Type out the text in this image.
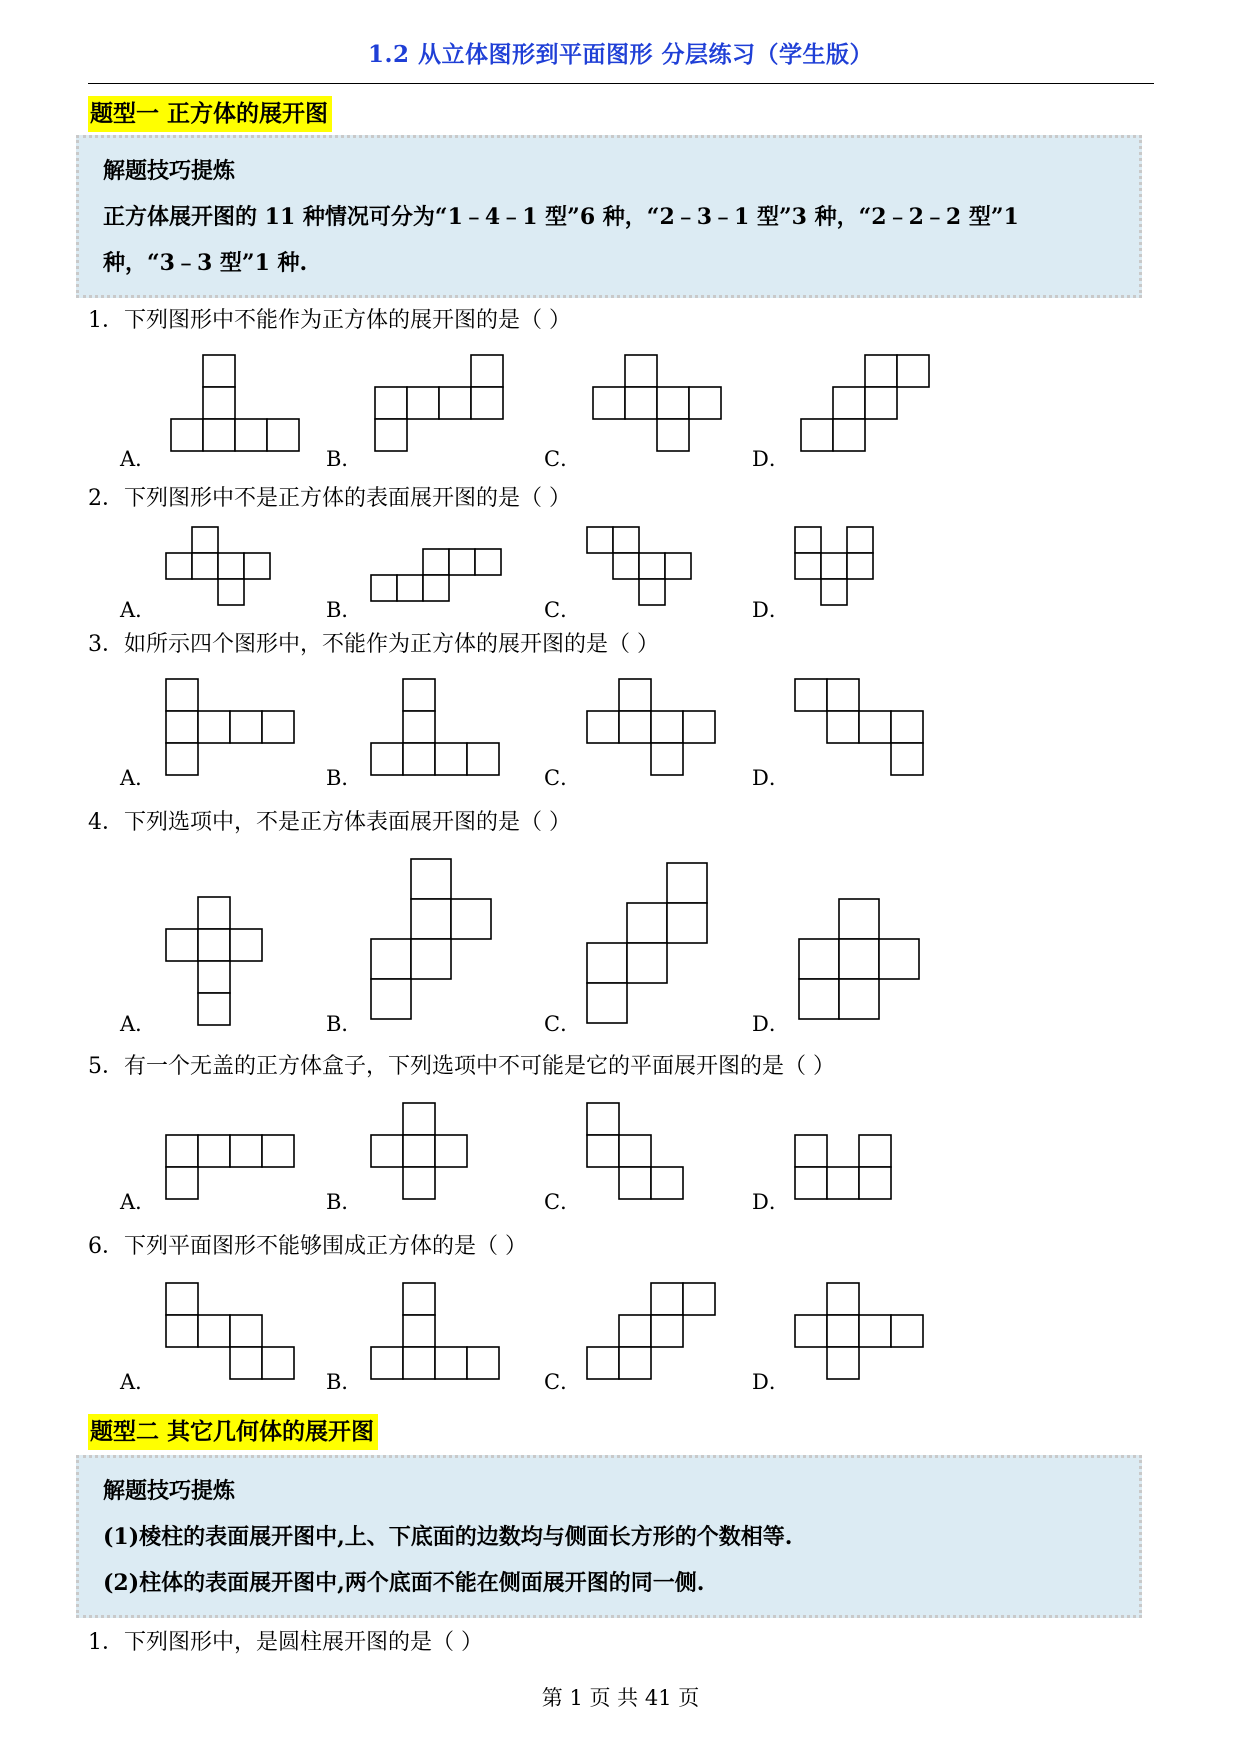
1.2 从立体图形到平面图形 分层练习（学生版）
题型一 正方体的展开图
解题技巧提炼
正方体展开图的 11 种情况可分为“1﹣4﹣1 型”6 种，“2﹣3﹣1 型”3 种，“2﹣2﹣2 型”1
种，“3﹣3 型”1 种.
1．下列图形中不能作为正方体的展开图的是（ ）
A．	B．	C．	D．
2．下列图形中不是正方体的表面展开图的是（ ）
A．	B．	C．	D．
3．如所示四个图形中，不能作为正方体的展开图的是（ ）
A．	B．	C．	D．
4．下列选项中，不是正方体表面展开图的是（ ）
A．	B．	C．	D．
5．有一个无盖的正方体盒子，下列选项中不可能是它的平面展开图的是（ ）
A．	B．	C．	D．
6．下列平面图形不能够围成正方体的是（ ）
A．	B．	C．	D．
题型二 其它几何体的展开图
解题技巧提炼
(1)棱柱的表面展开图中,上、下底面的边数均与侧面长方形的个数相等.
(2)柱体的表面展开图中,两个底面不能在侧面展开图的同一侧.
1．下列图形中，是圆柱展开图的是（ ）
第 1 页 共 41 页
